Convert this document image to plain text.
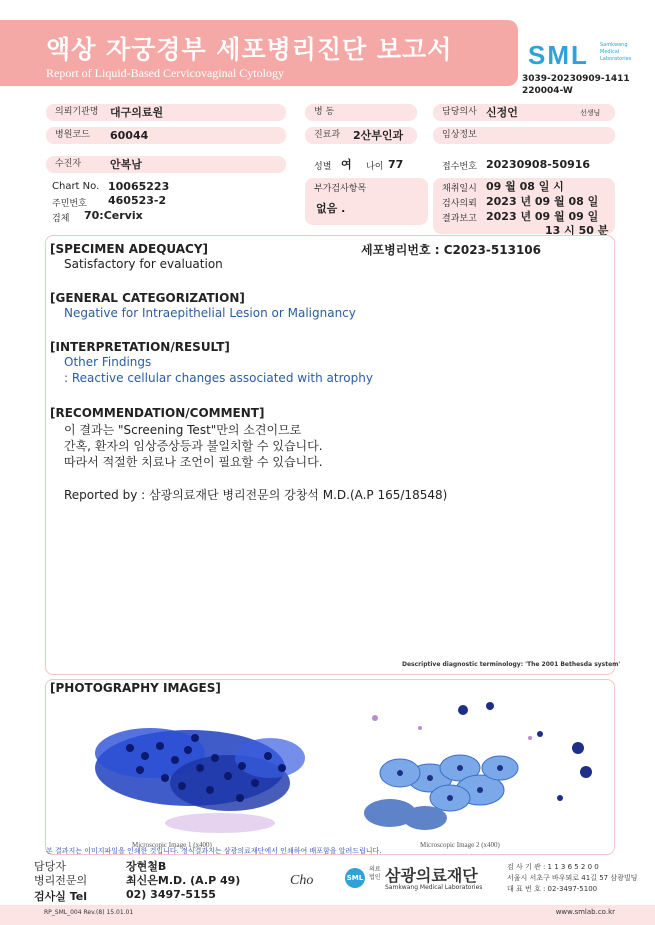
액상 자궁경부 세포병리진단 보고서
Report of Liquid-Based Cervicovaginal Cytology
SML Samkwang
Medical
Laboratories
3039-20230909-1411
220004-W
의뢰기관명	대구의료원	병 동	담당의사 신정언	선생님
병원코드	60044	진료과	2산부인과	임상정보
수진자	안복남	성별 여 나이 77	접수번호 20230908-50916
Chart No. 10065223
주민번호 460523-2
검체 70:Cervix
부가검사항목
없음 .
채취일시 09 월 08 일 시
검사의뢰 2023 년 09 월 08 일
결과보고 2023 년 09 월 09 일
13 시 50 분
세포병리번호 : C2023-513106
[SPECIMEN ADEQUACY]
Satisfactory for evaluation
[GENERAL CATEGORIZATION]
Negative for Intraepithelial Lesion or Malignancy
[INTERPRETATION/RESULT]
Other Findings
: Reactive cellular changes associated with atrophy
[RECOMMENDATION/COMMENT]
이 결과는 "Screening Test"만의 소견이므로
간혹, 환자의 임상증상등과 불일치할 수 있습니다.
따라서 적절한 치료나 조언이 필요할 수 있습니다.
Reported by : 삼광의료재단 병리전문의 강창석 M.D.(A.P 165/18548)
Descriptive diagnostic terminology: 'The 2001 Bethesda system'
[PHOTOGRAPHY IMAGES]
Microscopic Image 1 (x400)	Microscopic Image 2 (x400)
본 결과지는 이미지파일을 인쇄한 것입니다. 정식결과지는 삼광의료재단에서 인쇄하여 배포함을 알려드립니다.
담당자	장현철B
병리전문의	최신은M.D. (A.P 49)
검사실 Tel	02) 3497-5155
Cho	SML
의료법인 삼광의료재단
Samkwang Medical Laboratories
검 사 기 관 : 1 1 3 6 5 2 0 0
서울시 서초구 바우뫼로 41길 57 삼광빌딩
대 표 번 호 : 02-3497-5100
RP_SML_004 Rev.(8) 15.01.01	www.smlab.co.kr
